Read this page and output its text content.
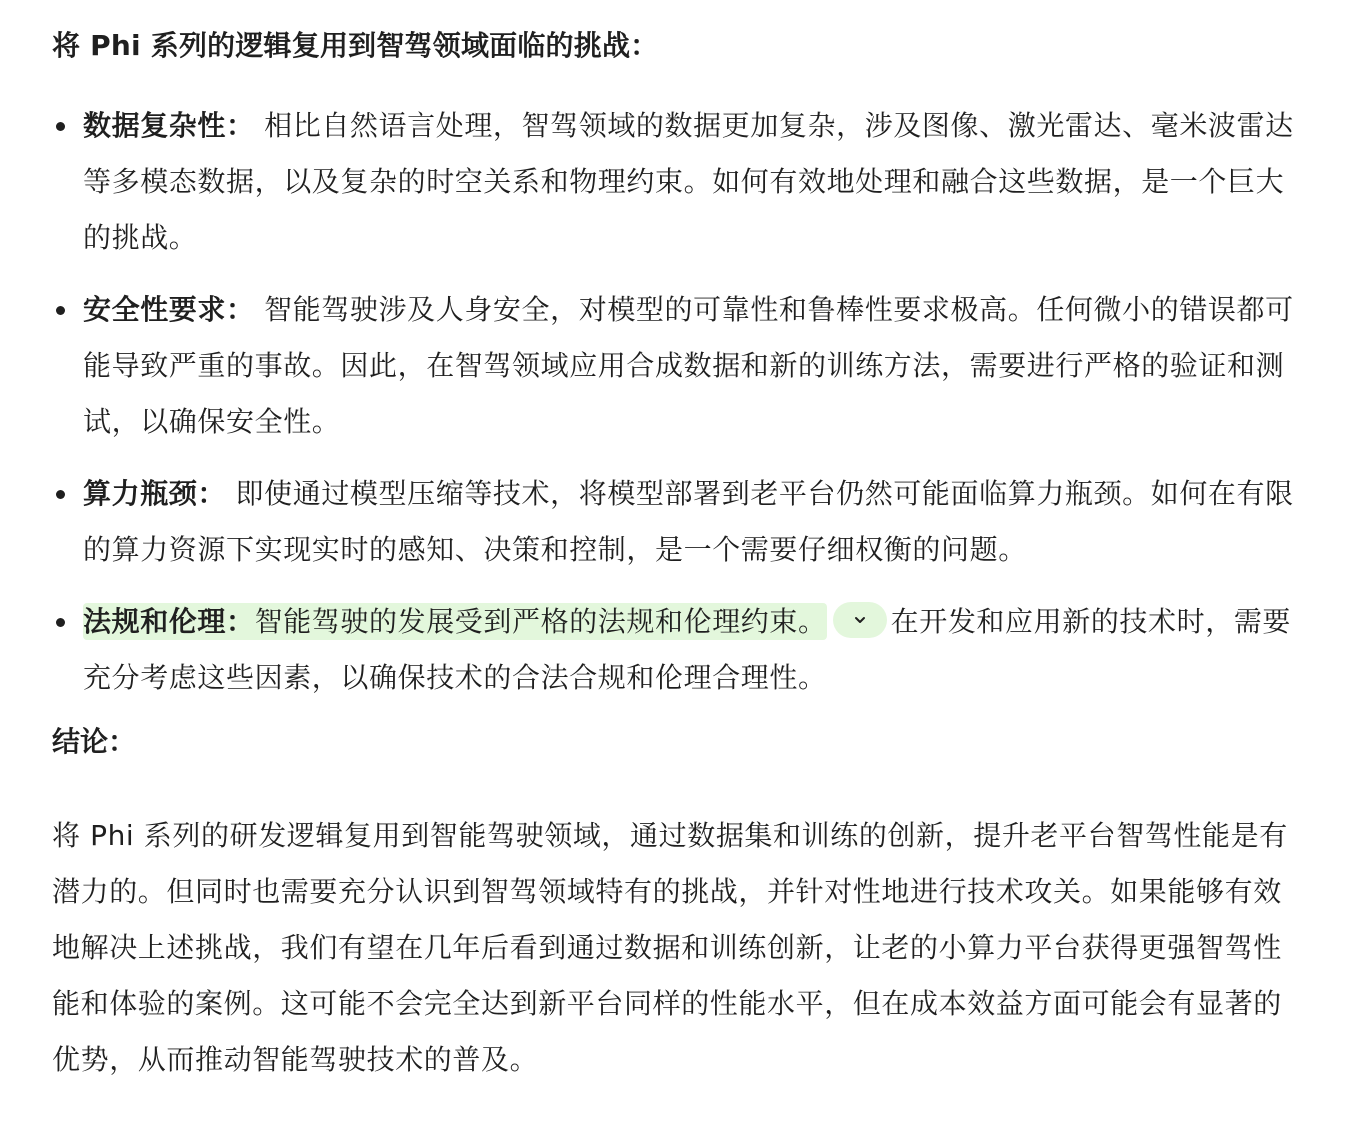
将 Phi 系列的逻辑复用到智驾领域面临的挑战：

数据复杂性： 相比自然语言处理，智驾领域的数据更加复杂，涉及图像、激光雷达、毫米波雷达等多模态数据，以及复杂的时空关系和物理约束。如何有效地处理和融合这些数据，是一个巨大的挑战。
安全性要求： 智能驾驶涉及人身安全，对模型的可靠性和鲁棒性要求极高。任何微小的错误都可能导致严重的事故。因此，在智驾领域应用合成数据和新的训练方法，需要进行严格的验证和测试，以确保安全性。
算力瓶颈： 即使通过模型压缩等技术，将模型部署到老平台仍然可能面临算力瓶颈。如何在有限的算力资源下实现实时的感知、决策和控制，是一个需要仔细权衡的问题。
法规和伦理：智能驾驶的发展受到严格的法规和伦理约束。 在开发和应用新的技术时，需要充分考虑这些因素，以确保技术的合法合规和伦理合理性。

结论：

将 Phi 系列的研发逻辑复用到智能驾驶领域，通过数据集和训练的创新，提升老平台智驾性能是有潜力的。但同时也需要充分认识到智驾领域特有的挑战，并针对性地进行技术攻关。如果能够有效地解决上述挑战，我们有望在几年后看到通过数据和训练创新，让老的小算力平台获得更强智驾性能和体验的案例。这可能不会完全达到新平台同样的性能水平，但在成本效益方面可能会有显著的优势，从而推动智能驾驶技术的普及。
